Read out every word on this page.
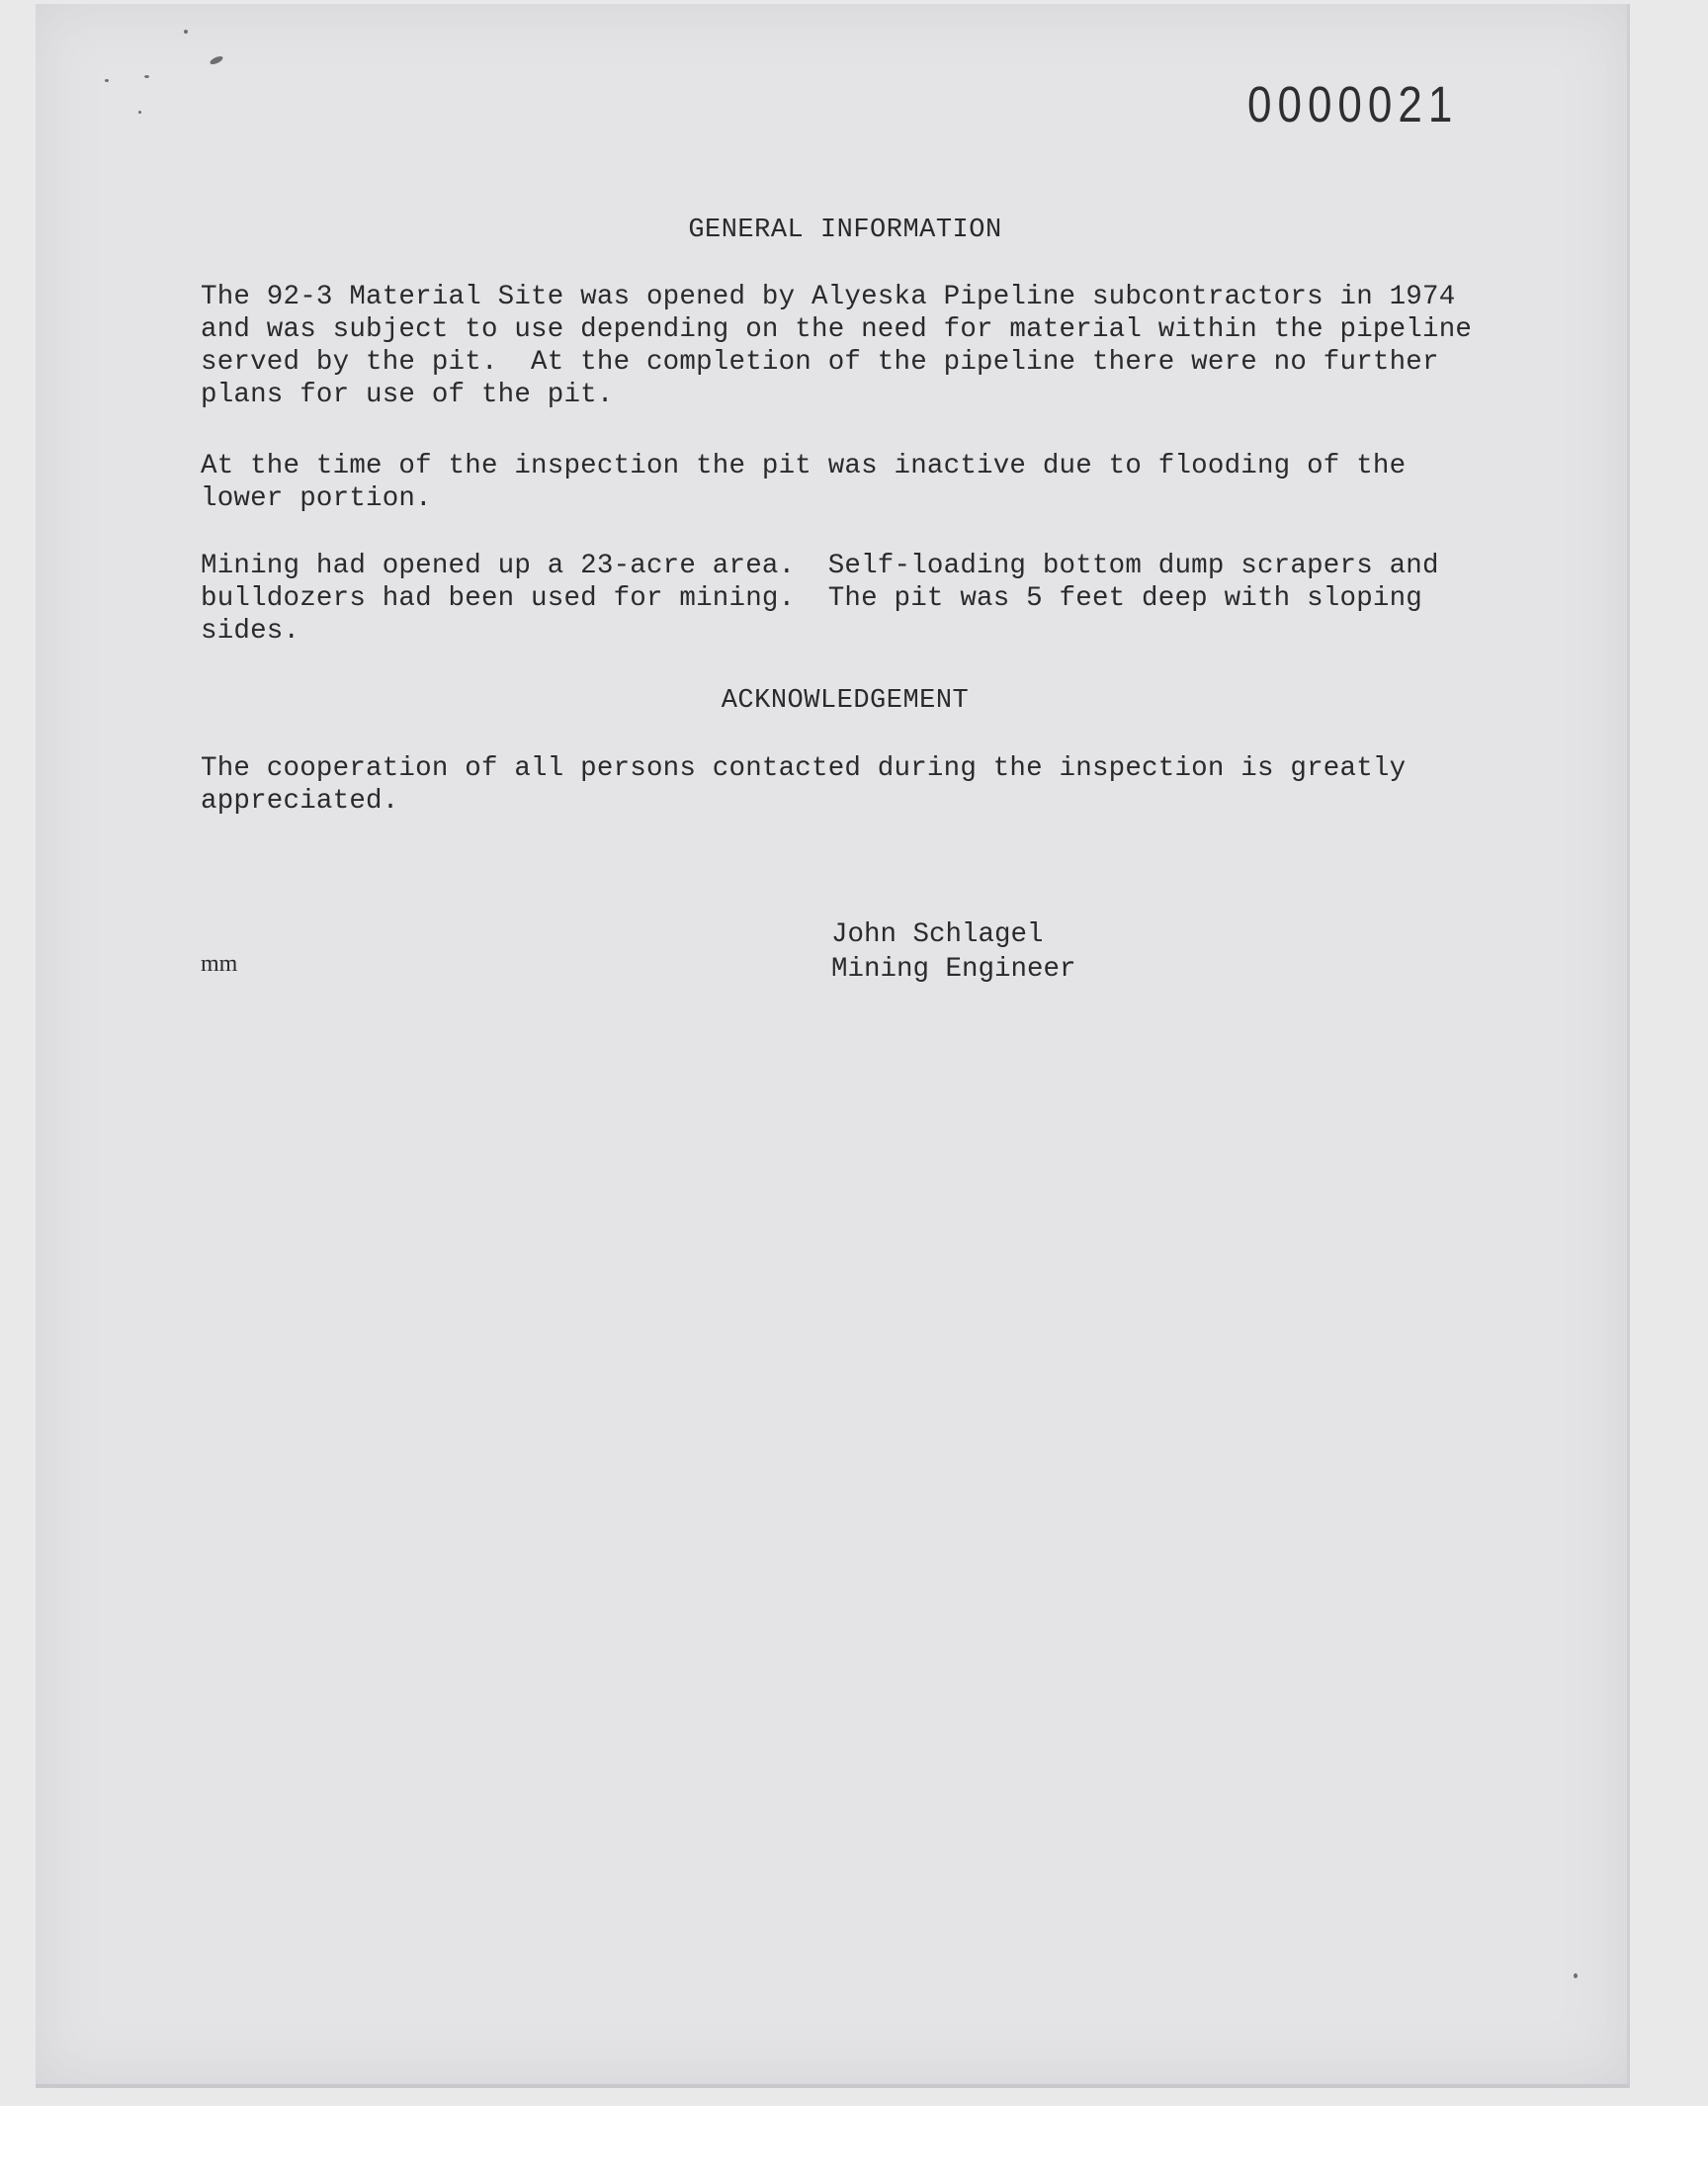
0000021
GENERAL INFORMATION
The 92-3 Material Site was opened by Alyeska Pipeline subcontractors in 1974
and was subject to use depending on the need for material within the pipeline
served by the pit.  At the completion of the pipeline there were no further
plans for use of the pit.
At the time of the inspection the pit was inactive due to flooding of the
lower portion.
Mining had opened up a 23-acre area.  Self-loading bottom dump scrapers and
bulldozers had been used for mining.  The pit was 5 feet deep with sloping
sides.
ACKNOWLEDGEMENT
The cooperation of all persons contacted during the inspection is greatly
appreciated.
John Schlagel
Mining Engineer
mm
